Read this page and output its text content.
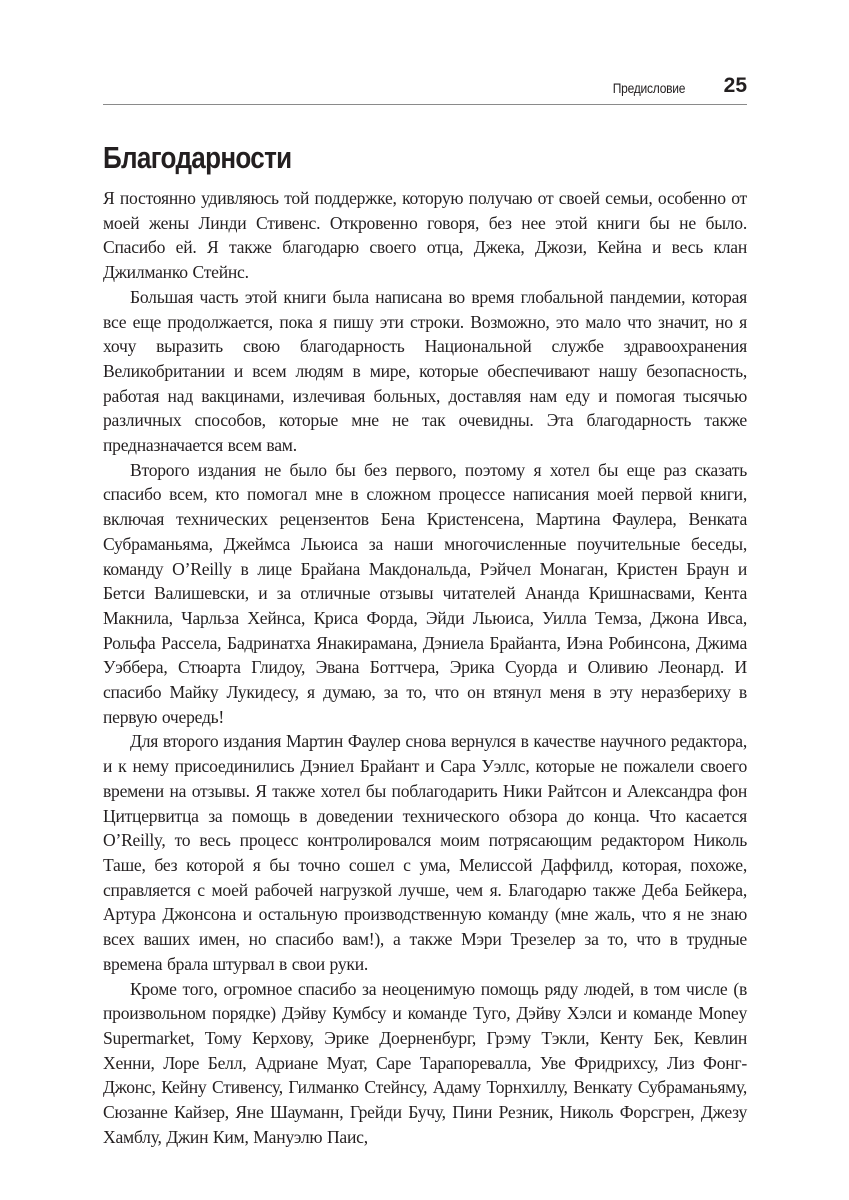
Предисловие 25
Благодарности

Я постоянно удивляюсь той поддержке, которую получаю от своей семьи, особенно от моей жены Линди Стивенс. Откровенно говоря, без нее этой книги бы не было. Спасибо ей. Я также благодарю своего отца, Джека, Джози, Кейна и весь клан Джилманко Стейнс.

Большая часть этой книги была написана во время глобальной пандемии, которая все еще продолжается, пока я пишу эти строки. Возможно, это мало что значит, но я хочу выразить свою благодарность Национальной службе здравоохранения Великобритании и всем людям в мире, которые обеспечивают нашу безопасность, работая над вакцинами, излечивая больных, доставляя нам еду и помогая тысячью различных способов, которые мне не так очевидны. Эта благодарность также предназначается всем вам.

Второго издания не было бы без первого, поэтому я хотел бы еще раз сказать спасибо всем, кто помогал мне в сложном процессе написания моей первой книги, включая технических рецензентов Бена Кристенсена, Мартина Фаулера, Венката Субраманьяма, Джеймса Льюиса за наши многочисленные поучительные беседы, команду O’Reilly в лице Брайана Макдональда, Рэйчел Монаган, Кристен Браун и Бетси Валишевски, и за отличные отзывы читателей Ананда Кришнасвами, Кента Макнила, Чарльза Хейнса, Криса Форда, Эйди Льюиса, Уилла Темза, Джона Ивса, Рольфа Рассела, Бадринатха Янакирамана, Дэниела Брайанта, Иэна Робинсона, Джима Уэббера, Стюарта Глидоу, Эвана Боттчера, Эрика Суорда и Оливию Леонард. И спасибо Майку Лукидесу, я думаю, за то, что он втянул меня в эту неразбериху в первую очередь!

Для второго издания Мартин Фаулер снова вернулся в качестве научного редактора, и к нему присоединились Дэниел Брайант и Сара Уэллс, которые не пожалели своего времени на отзывы. Я также хотел бы поблагодарить Ники Райтсон и Александра фон Цитцервитца за помощь в доведении технического обзора до конца. Что касается O’Reilly, то весь процесс контролировался моим потрясающим редактором Николь Таше, без которой я бы точно сошел с ума, Мелиссой Даффилд, которая, похоже, справляется с моей рабочей нагрузкой лучше, чем я. Благодарю также Деба Бейкера, Артура Джонсона и остальную производственную команду (мне жаль, что я не знаю всех ваших имен, но спасибо вам!), а также Мэри Трезелер за то, что в трудные времена брала штурвал в свои руки.

Кроме того, огромное спасибо за неоценимую помощь ряду людей, в том числе (в произвольном порядке) Дэйву Кумбсу и команде Туго, Дэйву Хэлси и команде Money Supermarket, Тому Керхову, Эрике Доерненбург, Грэму Тэкли, Кенту Бек, Кевлин Хенни, Лоре Белл, Адриане Муат, Саре Тарапоревалла, Уве Фридрихсу, Лиз Фонг-Джонс, Кейну Стивенсу, Гилманко Стейнсу, Адаму Торнхиллу, Венкату Субраманьяму, Сюзанне Кайзер, Яне Шауманн, Грейди Бучу, Пини Резник, Николь Форсгрен, Джезу Хамблу, Джин Ким, Мануэлю Паис,
